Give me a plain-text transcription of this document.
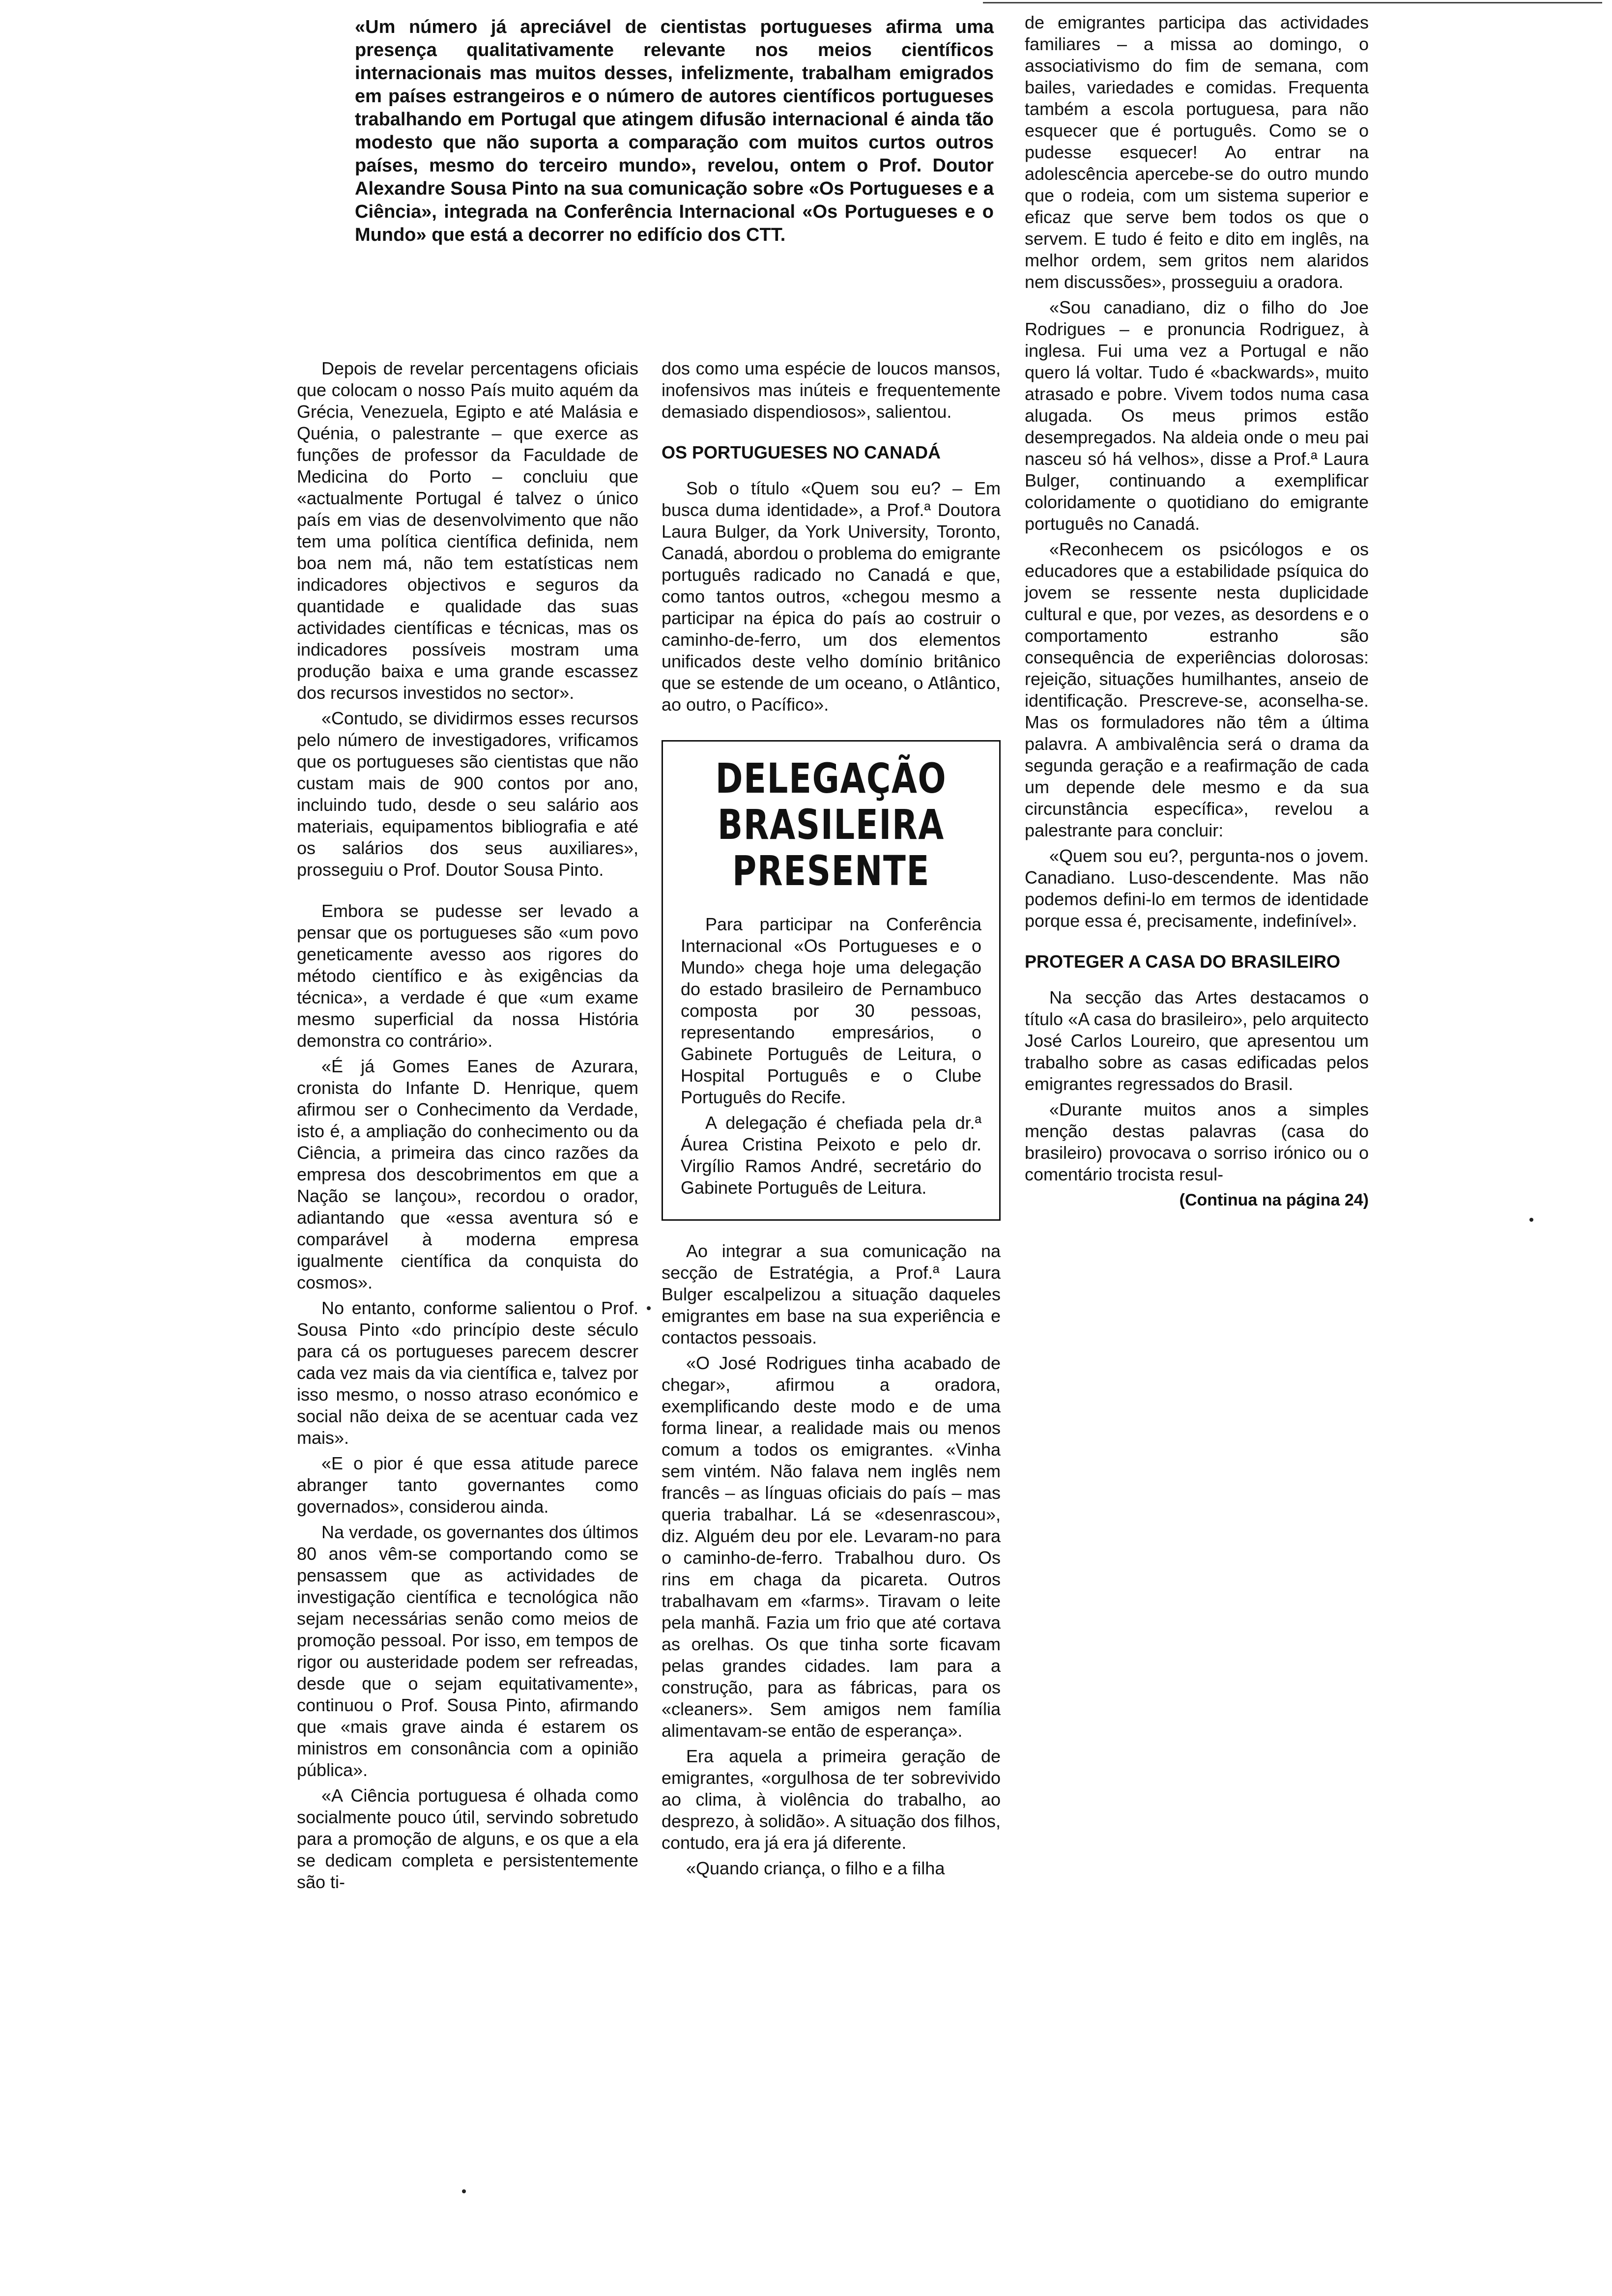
«Um número já apreciável de cientistas portugueses afirma uma presença qualitativamente relevante nos meios científicos internacionais mas muitos desses, infelizmente, trabalham emigrados em países estrangeiros e o número de autores científicos portugueses trabalhando em Portugal que atingem difusão internacional é ainda tão modesto que não suporta a comparação com muitos curtos outros países, mesmo do terceiro mundo», revelou, ontem o Prof. Doutor Alexandre Sousa Pinto na sua comunicação sobre «Os Portugueses e a Ciência», integrada na Conferência Internacional «Os Portugueses e o Mundo» que está a decorrer no edifício dos CTT.

Depois de revelar percentagens oficiais que colocam o nosso País muito aquém da Grécia, Venezuela, Egipto e até Malásia e Quénia, o palestrante – que exerce as funções de professor da Faculdade de Medicina do Porto – concluiu que «actualmente Portugal é talvez o único país em vias de desenvolvimento que não tem uma política científica definida, nem boa nem má, não tem estatísticas nem indicadores objectivos e seguros da quantidade e qualidade das suas actividades científicas e técnicas, mas os indicadores possíveis mostram uma produção baixa e uma grande escassez dos recursos investidos no sector».

«Contudo, se dividirmos esses recursos pelo número de investigadores, vrificamos que os portugueses são cientistas que não custam mais de 900 contos por ano, incluindo tudo, desde o seu salário aos materiais, equipamentos bibliografia e até os salários dos seus auxiliares», prosseguiu o Prof. Doutor Sousa Pinto.

Embora se pudesse ser levado a pensar que os portugueses são «um povo geneticamente avesso aos rigores do método científico e às exigências da técnica», a verdade é que «um exame mesmo superficial da nossa História demonstra co contrário».

«É já Gomes Eanes de Azurara, cronista do Infante D. Henrique, quem afirmou ser o Conhecimento da Verdade, isto é, a ampliação do conhecimento ou da Ciência, a primeira das cinco razões da empresa dos descobrimentos em que a Nação se lançou», recordou o orador, adiantando que «essa aventura só e comparável à moderna empresa igualmente científica da conquista do cosmos».

No entanto, conforme salientou o Prof. Sousa Pinto «do princípio deste século para cá os portugueses parecem descrer cada vez mais da via científica e, talvez por isso mesmo, o nosso atraso económico e social não deixa de se acentuar cada vez mais».

«E o pior é que essa atitude parece abranger tanto governantes como governados», considerou ainda.

Na verdade, os governantes dos últimos 80 anos vêm-se comportando como se pensassem que as actividades de investigação científica e tecnológica não sejam necessárias senão como meios de promoção pessoal. Por isso, em tempos de rigor ou austeridade podem ser refreadas, desde que o sejam equitativamente», continuou o Prof. Sousa Pinto, afirmando que «mais grave ainda é estarem os ministros em consonância com a opinião pública».

«A Ciência portuguesa é olhada como socialmente pouco útil, servindo sobretudo para a promoção de alguns, e os que a ela se dedicam completa e persistentemente são ti-

dos como uma espécie de loucos mansos, inofensivos mas inúteis e frequentemente demasiado dispendiosos», salientou.

OS PORTUGUESES NO CANADÁ

Sob o título «Quem sou eu? – Em busca duma identidade», a Prof.ª Doutora Laura Bulger, da York University, Toronto, Canadá, abordou o problema do emigrante português radicado no Canadá e que, como tantos outros, «chegou mesmo a participar na épica do país ao costruir o caminho-de-ferro, um dos elementos unificados deste velho domínio britânico que se estende de um oceano, o Atlântico, ao outro, o Pacífico».

DELEGAÇÃO BRASILEIRA PRESENTE

Para participar na Conferência Internacional «Os Portugueses e o Mundo» chega hoje uma delegação do estado brasileiro de Pernambuco composta por 30 pessoas, representando empresários, o Gabinete Português de Leitura, o Hospital Português e o Clube Português do Recife.

A delegação é chefiada pela dr.ª Áurea Cristina Peixoto e pelo dr. Virgílio Ramos André, secretário do Gabinete Português de Leitura.

Ao integrar a sua comunicação na secção de Estratégia, a Prof.ª Laura Bulger escalpelizou a situação daqueles emigrantes em base na sua experiência e contactos pessoais.

«O José Rodrigues tinha acabado de chegar», afirmou a oradora, exemplificando deste modo e de uma forma linear, a realidade mais ou menos comum a todos os emigrantes. «Vinha sem vintém. Não falava nem inglês nem francês – as línguas oficiais do país – mas queria trabalhar. Lá se «desenrascou», diz. Alguém deu por ele. Levaram-no para o caminho-de-ferro. Trabalhou duro. Os rins em chaga da picareta. Outros trabalhavam em «farms». Tiravam o leite pela manhã. Fazia um frio que até cortava as orelhas. Os que tinha sorte ficavam pelas grandes cidades. Iam para a construção, para as fábricas, para os «cleaners». Sem amigos nem família alimentavam-se então de esperança».

Era aquela a primeira geração de emigrantes, «orgulhosa de ter sobrevivido ao clima, à violência do trabalho, ao desprezo, à solidão». A situação dos filhos, contudo, era já era já diferente.

«Quando criança, o filho e a filha

de emigrantes participa das actividades familiares – a missa ao domingo, o associativismo do fim de semana, com bailes, variedades e comidas. Frequenta também a escola portuguesa, para não esquecer que é português. Como se o pudesse esquecer! Ao entrar na adolescência apercebe-se do outro mundo que o rodeia, com um sistema superior e eficaz que serve bem todos os que o servem. E tudo é feito e dito em inglês, na melhor ordem, sem gritos nem alaridos nem discussões», prosseguiu a oradora.

«Sou canadiano, diz o filho do Joe Rodrigues – e pronuncia Rodriguez, à inglesa. Fui uma vez a Portugal e não quero lá voltar. Tudo é «backwards», muito atrasado e pobre. Vivem todos numa casa alugada. Os meus primos estão desempregados. Na aldeia onde o meu pai nasceu só há velhos», disse a Prof.ª Laura Bulger, continuando a exemplificar coloridamente o quotidiano do emigrante português no Canadá.

«Reconhecem os psicólogos e os educadores que a estabilidade psíquica do jovem se ressente nesta duplicidade cultural e que, por vezes, as desordens e o comportamento estranho são consequência de experiências dolorosas: rejeição, situações humilhantes, anseio de identificação. Prescreve-se, aconselha-se. Mas os formuladores não têm a última palavra. A ambivalência será o drama da segunda geração e a reafirmação de cada um depende dele mesmo e da sua circunstância específica», revelou a palestrante para concluir:

«Quem sou eu?, pergunta-nos o jovem. Canadiano. Luso-descendente. Mas não podemos defini-lo em termos de identidade porque essa é, precisamente, indefinível».

PROTEGER A CASA DO BRASILEIRO

Na secção das Artes destacamos o título «A casa do brasileiro», pelo arquitecto José Carlos Loureiro, que apresentou um trabalho sobre as casas edificadas pelos emigrantes regressados do Brasil.

«Durante muitos anos a simples menção destas palavras (casa do brasileiro) provocava o sorriso irónico ou o comentário trocista resul-

(Continua na página 24)
